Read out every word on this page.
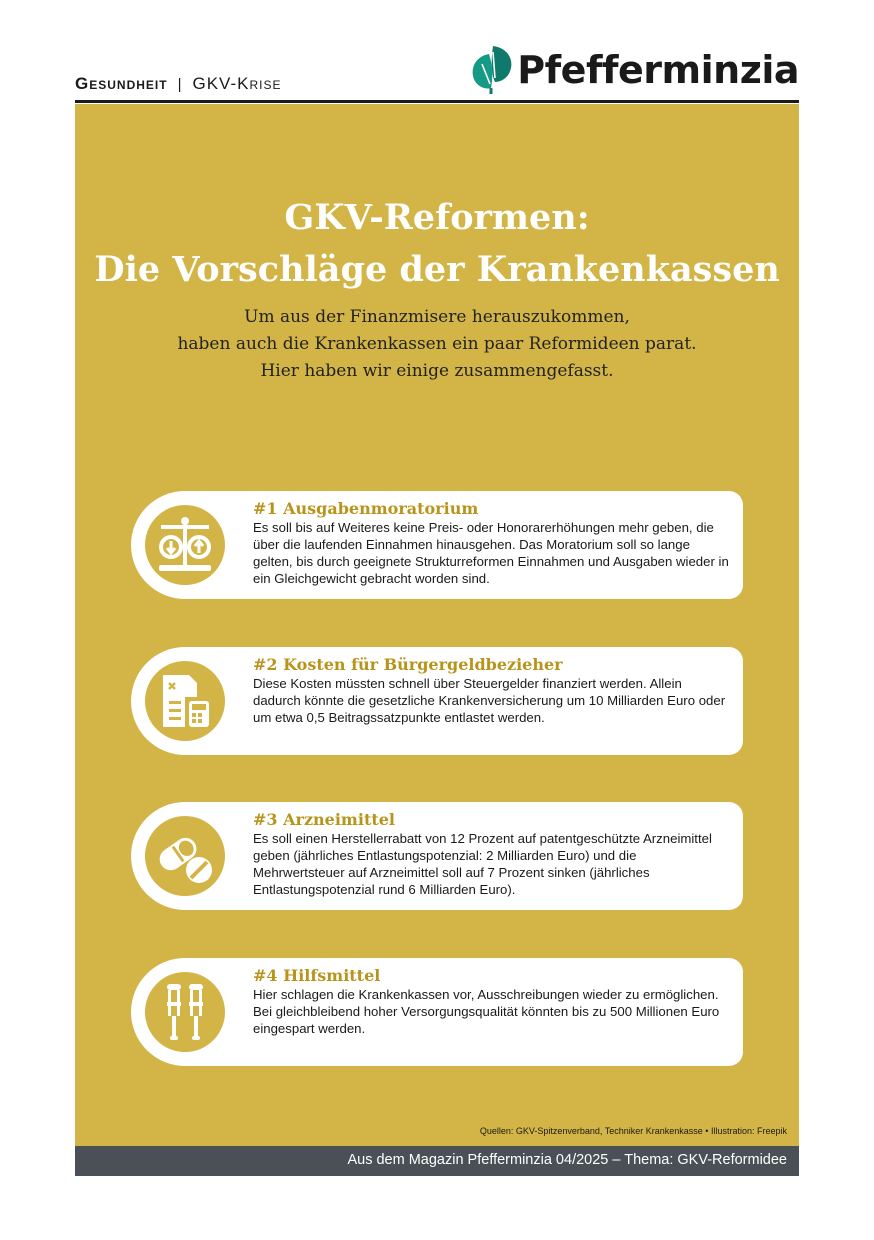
Gesundheit | GKV-Krise	Pfefferminzia
GKV-Reformen:
Die Vorschläge der Krankenkassen
Um aus der Finanzmisere herauszukommen,
haben auch die Krankenkassen ein paar Reformideen parat.
Hier haben wir einige zusammengefasst.
#1 Ausgabenmoratorium
Es soll bis auf Weiteres keine Preis- oder Honorarerhöhungen mehr geben, die über die laufenden Einnahmen hinausgehen. Das Moratorium soll so lange gelten, bis durch geeignete Strukturreformen Einnahmen und Ausgaben wieder in ein Gleichgewicht gebracht worden sind.
#2 Kosten für Bürgergeldbezieher
Diese Kosten müssten schnell über Steuergelder finanziert werden. Allein dadurch könnte die gesetzliche Krankenversicherung um 10 Milliarden Euro oder um etwa 0,5 Beitragssatzpunkte entlastet werden.
#3 Arzneimittel
Es soll einen Herstellerrabatt von 12 Prozent auf patentgeschützte Arzneimittel geben (jährliches Entlastungspotenzial: 2 Milliarden Euro) und die Mehrwertsteuer auf Arzneimittel soll auf 7 Prozent sinken (jährliches Entlastungspotenzial rund 6 Milliarden Euro).
#4 Hilfsmittel
Hier schlagen die Krankenkassen vor, Ausschreibungen wieder zu ermöglichen. Bei gleichbleibend hoher Versorgungsqualität könnten bis zu 500 Millionen Euro eingespart werden.
Quellen: GKV-Spitzenverband, Techniker Krankenkasse • Illustration: Freepik
Aus dem Magazin Pfefferminzia 04/2025 – Thema: GKV-Reformidee
